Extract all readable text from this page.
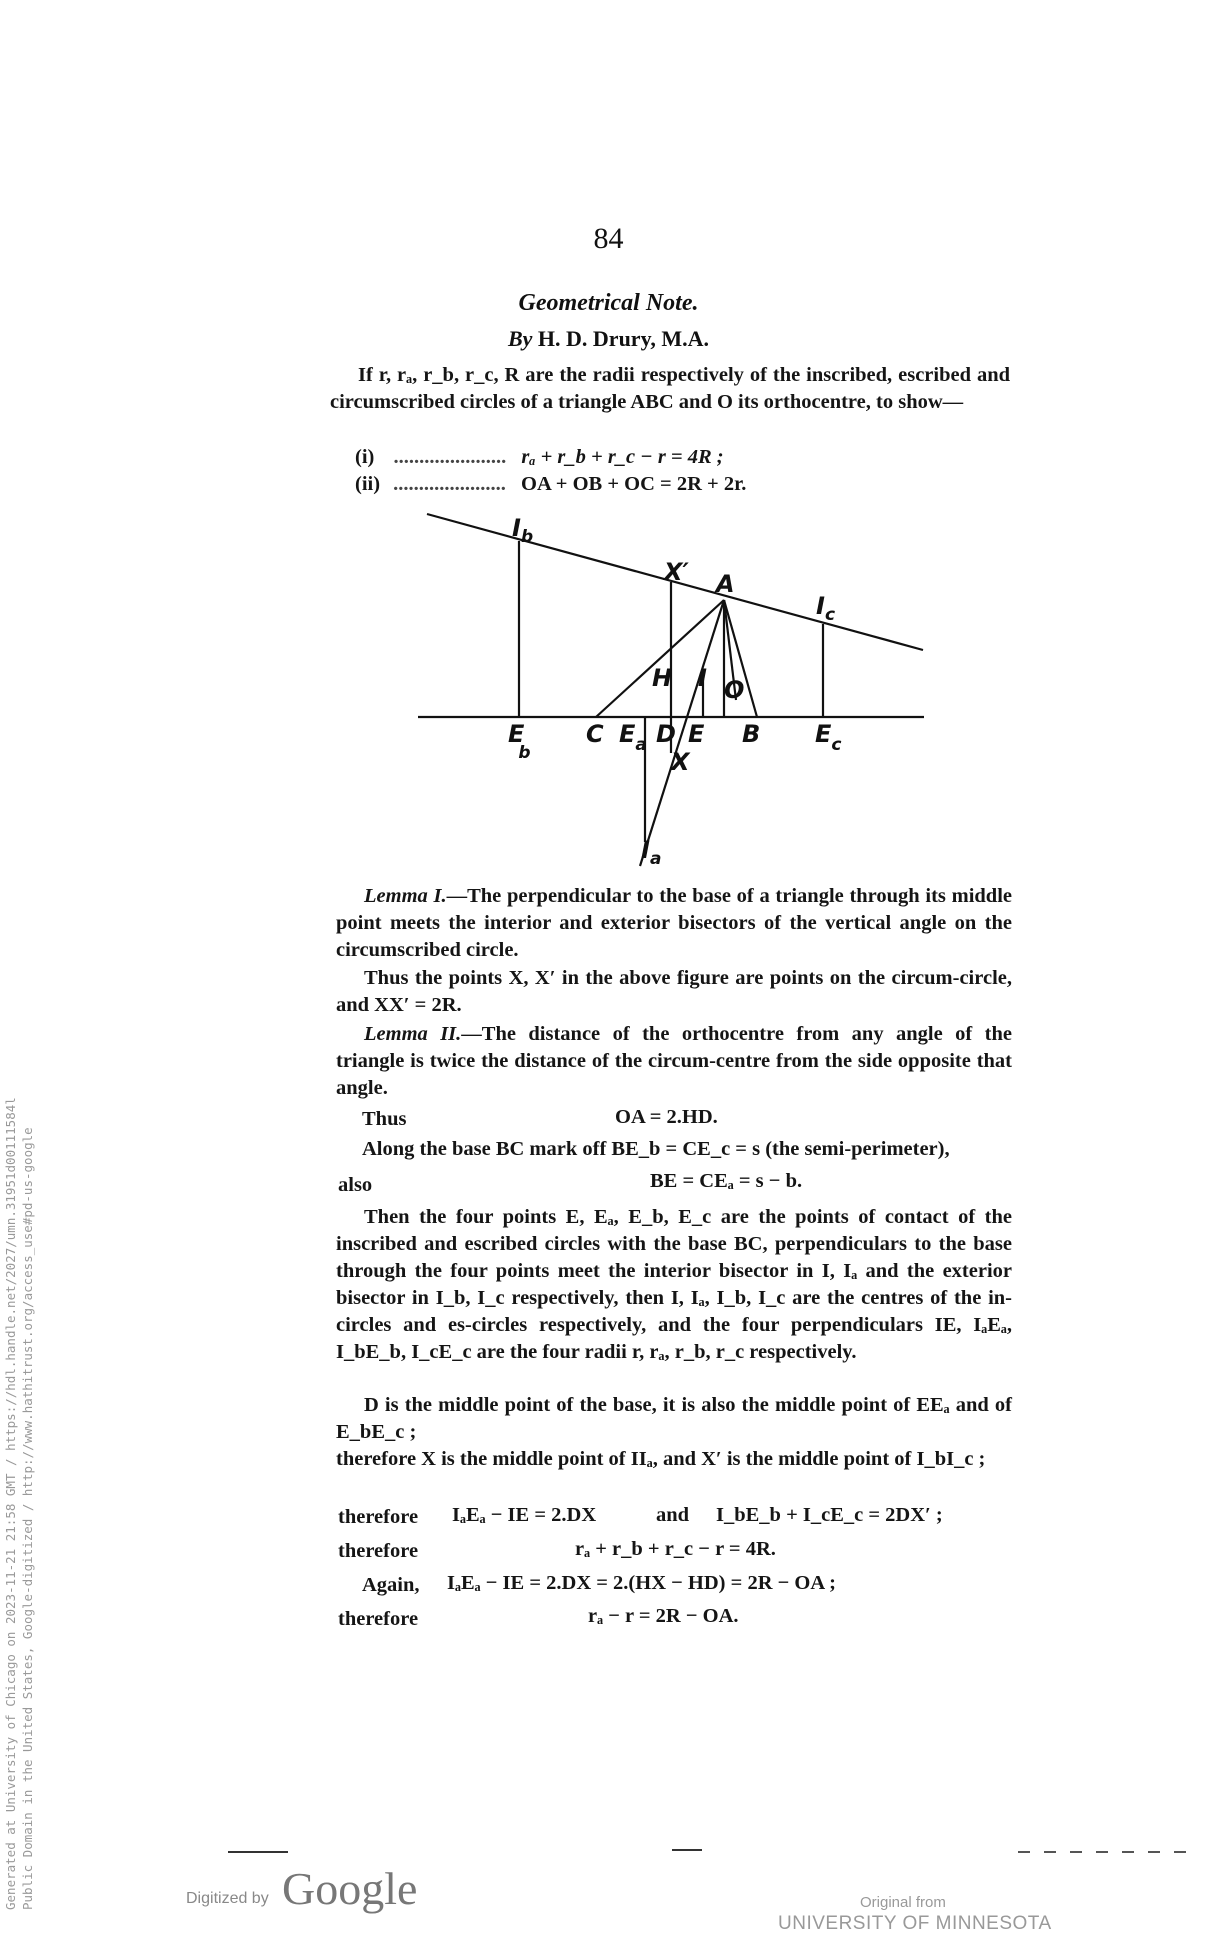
84
Geometrical Note.
By H. D. Drury, M.A.
If r, rₐ, r_b, r_c, R are the radii respectively of the inscribed, escribed and circumscribed circles of a triangle ABC and O its orthocentre, to show—
(i) ...................... rₐ + r_b + r_c − r = 4R ;
(ii) ...................... OA + OB + OC = 2R + 2r.
$I_b$
X′ A
$I_c$
H I O
E b
C $E_a$ D E B $E_c$
X
$I_a$
Lemma I.—The perpendicular to the base of a triangle through its middle point meets the interior and exterior bisectors of the vertical angle on the circumscribed circle.
Thus the points X, X′ in the above figure are points on the circum-circle, and XX′ = 2R.
Lemma II.—The distance of the orthocentre from any angle of the triangle is twice the distance of the circum-centre from the side opposite that angle.
Thus	OA = 2.HD.
Along the base BC mark off BE_b = CE_c = s (the semi-perimeter),
also	BE = CEₐ = s − b.
Then the four points E, Eₐ, E_b, E_c are the points of contact of the inscribed and escribed circles with the base BC, perpendiculars to the base through the four points meet the interior bisector in I, Iₐ and the exterior bisector in I_b, I_c respectively, then I, Iₐ, I_b, I_c are the centres of the in-circles and es-circles respectively, and the four perpendiculars IE, IₐEₐ, I_bE_b, I_cE_c are the four radii r, rₐ, r_b, r_c respectively.
D is the middle point of the base, it is also the middle point of EEₐ and of E_bE_c ;
therefore X is the middle point of IIₐ, and X′ is the middle point of I_bI_c ;
therefore IₐEₐ − IE = 2.DX	and I_bE_b + I_cE_c = 2DX′ ;
therefore	rₐ + r_b + r_c − r = 4R.
Again, IₐEₐ − IE = 2.DX = 2.(HX − HD) = 2R − OA ;
therefore	rₐ − r = 2R − OA.
Digitized by Google	Original from
UNIVERSITY OF MINNESOTA
Generated at University of Chicago on 2023-11-21 21:58 GMT / https://hdl.handle.net/2027/umn.31951d00111584l Public Domain in the United States, Google-digitized / http://www.hathitrust.org/access_use#pd-us-google
